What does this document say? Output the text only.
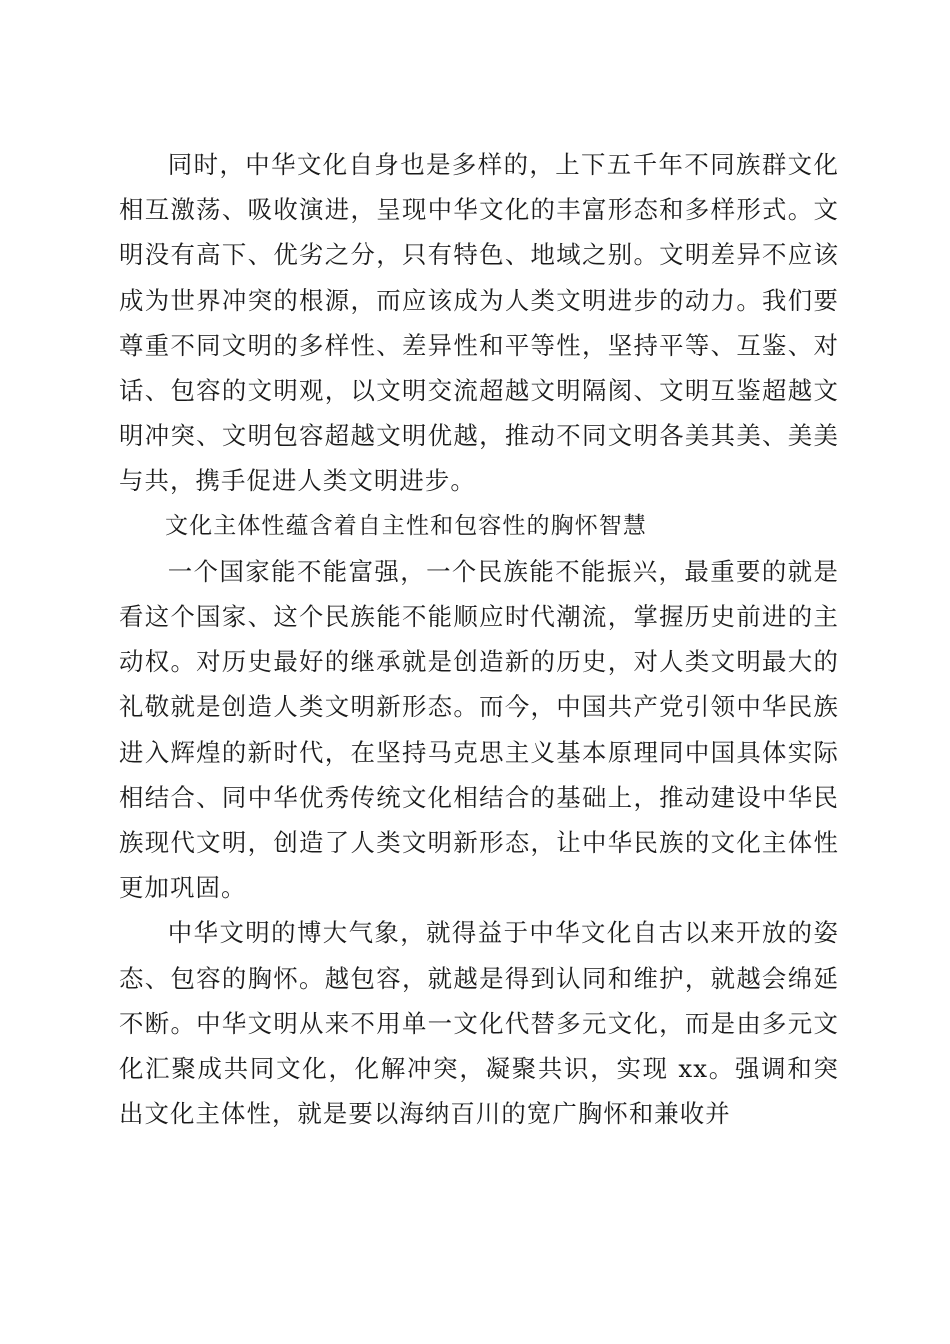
同时，中华文化自身也是多样的，上下五千年不同族群文化相互激荡、吸收演进，呈现中华文化的丰富形态和多样形式。文明没有高下、优劣之分，只有特色、地域之别。文明差异不应该成为世界冲突的根源，而应该成为人类文明进步的动力。我们要尊重不同文明的多样性、差异性和平等性，坚持平等、互鉴、对话、包容的文明观，以文明交流超越文明隔阂、文明互鉴超越文明冲突、文明包容超越文明优越，推动不同文明各美其美、美美与共，携手促进人类文明进步。

文化主体性蕴含着自主性和包容性的胸怀智慧

一个国家能不能富强，一个民族能不能振兴，最重要的就是看这个国家、这个民族能不能顺应时代潮流，掌握历史前进的主动权。对历史最好的继承就是创造新的历史，对人类文明最大的礼敬就是创造人类文明新形态。而今，中国共产党引领中华民族进入辉煌的新时代，在坚持马克思主义基本原理同中国具体实际相结合、同中华优秀传统文化相结合的基础上，推动建设中华民族现代文明，创造了人类文明新形态，让中华民族的文化主体性更加巩固。

中华文明的博大气象，就得益于中华文化自古以来开放的姿态、包容的胸怀。越包容，就越是得到认同和维护，就越会绵延不断。中华文明从来不用单一文化代替多元文化，而是由多元文化汇聚成共同文化，化解冲突，凝聚共识，实现 xx。强调和突出文化主体性，就是要以海纳百川的宽广胸怀和兼收并
